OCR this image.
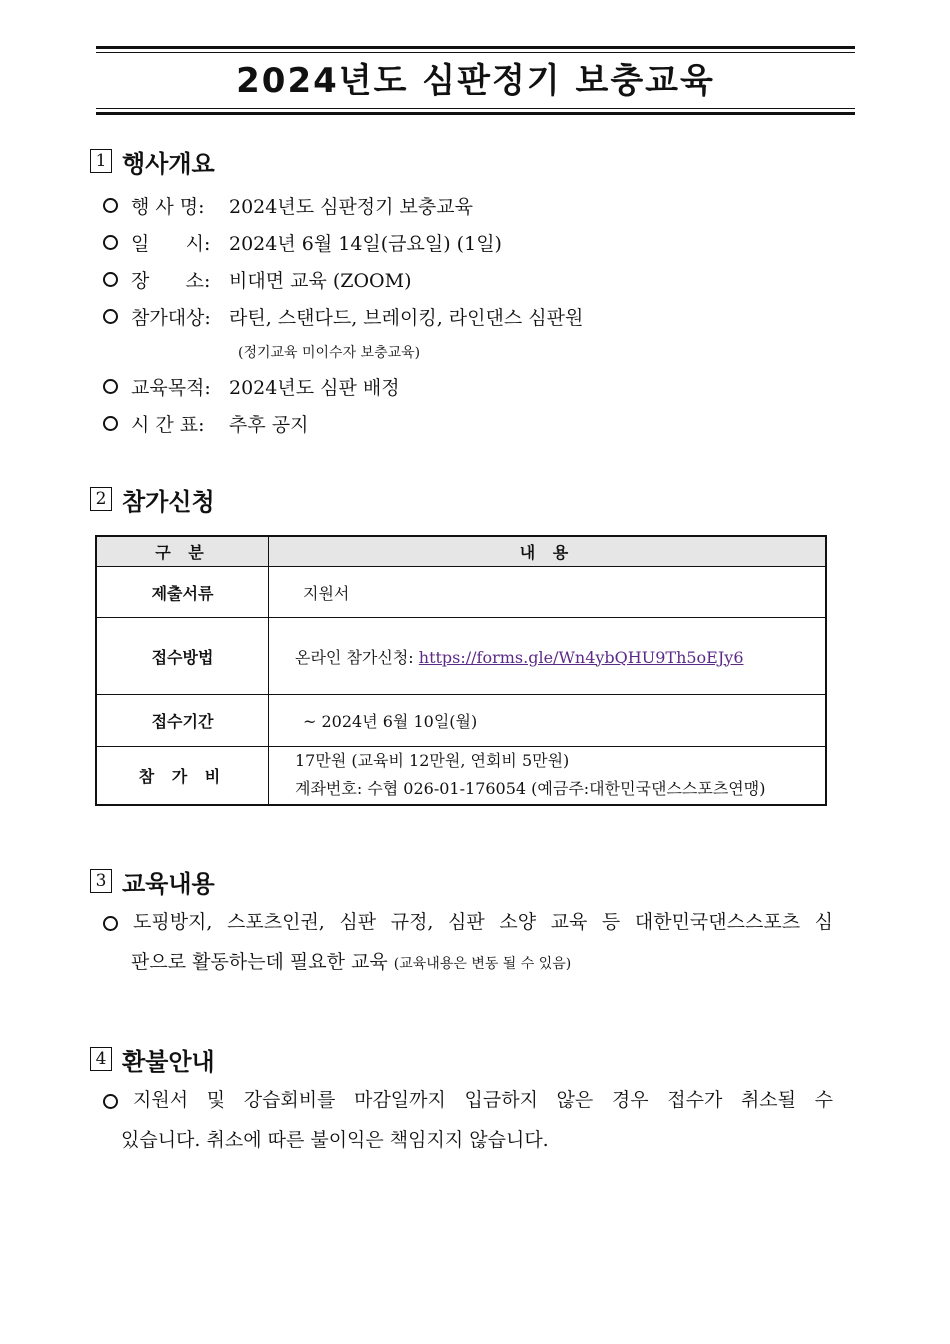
2024년도 심판정기 보충교육
1 행사개요
행 사 명:	2024년도 심판정기 보충교육
일      시: 2024년 6월 14일(금요일) (1일)
장      소: 비대면 교육 (ZOOM)
참가대상: 라틴, 스탠다드, 브레이킹, 라인댄스 심판원
(정기교육 미이수자 보충교육)
교육목적: 2024년도 심판 배정
시 간 표:	추후 공지
2 참가신청
구 분	내 용
제출서류	지원서
접수방법	온라인 참가신청: https://forms.gle/Wn4ybQHU9Th5oEJy6
접수기간	~ 2024년 6월 10일(월)
참 가 비	17만원 (교육비 12만원, 연회비 5만원)
계좌번호: 수협 026-01-176054 (예금주:대한민국댄스스포츠연맹)
3 교육내용
도핑방지, 스포츠인권, 심판 규정, 심판 소양 교육 등 대한민국댄스스포츠 심
판으로 활동하는데 필요한 교육 (교육내용은 변동 될 수 있음)
4 환불안내
지원서 및 강습회비를 마감일까지 입금하지 않은 경우 접수가 취소될 수
있습니다. 취소에 따른 불이익은 책임지지 않습니다.
